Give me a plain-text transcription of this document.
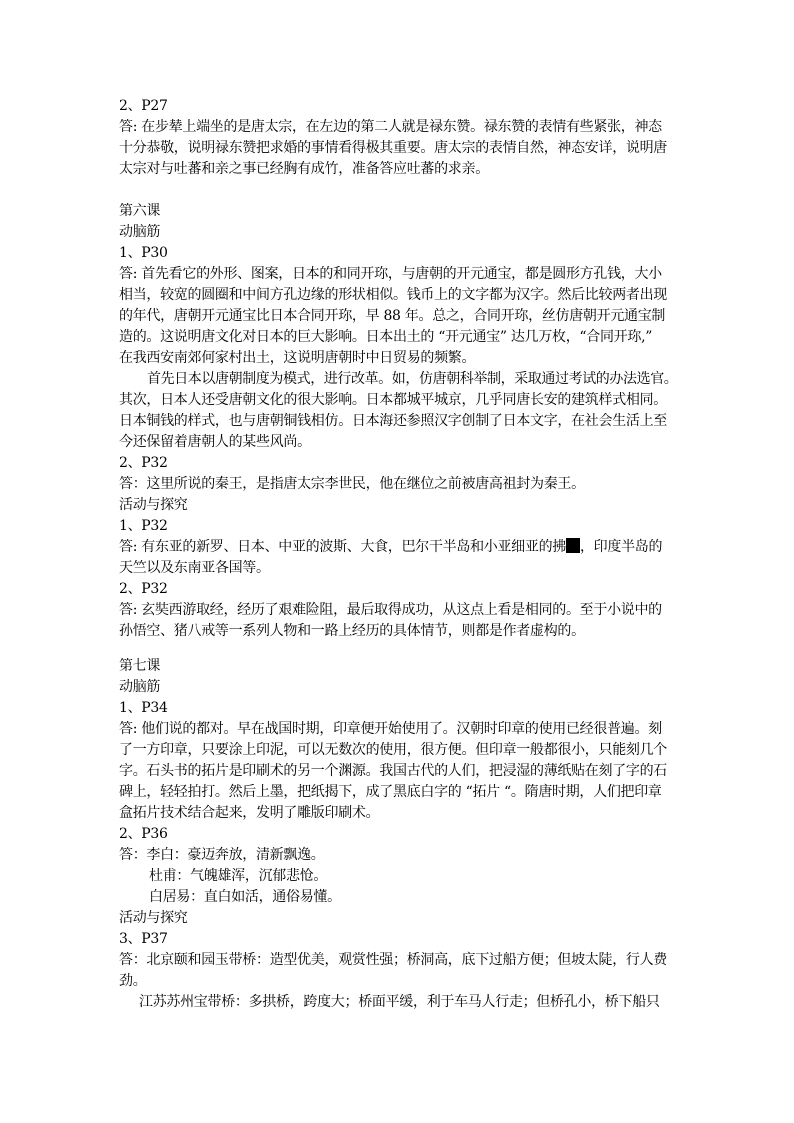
2、P27
答: 在步辇上端坐的是唐太宗，在左边的第二人就是禄东赞。禄东赞的表情有些紧张，神态
十分恭敬，说明禄东赞把求婚的事情看得极其重要。唐太宗的表情自然，神态安详，说明唐
太宗对与吐蕃和亲之事已经胸有成竹，准备答应吐蕃的求亲。
第六课
动脑筋
1、P30
答: 首先看它的外形、图案，日本的和同开珎，与唐朝的开元通宝，都是圆形方孔钱，大小
相当，较宽的圆圈和中间方孔边缘的形状相似。钱币上的文字都为汉字。然后比较两者出现
的年代，唐朝开元通宝比日本合同开珎，早 88 年。总之，合同开珎，丝仿唐朝开元通宝制
造的。这说明唐文化对日本的巨大影响。日本出土的 “开元通宝” 达几万枚，“合同开珎,”
在我西安南郊何家村出土，这说明唐朝时中日贸易的频繁。
首先日本以唐朝制度为模式，进行改革。如，仿唐朝科举制，采取通过考试的办法选官。
其次，日本人还受唐朝文化的很大影响。日本都城平城京，几乎同唐长安的建筑样式相同。
日本铜钱的样式，也与唐朝铜钱相仿。日本海还参照汉字创制了日本文字，在社会生活上至
今还保留着唐朝人的某些风尚。
2、P32
答：这里所说的秦王，是指唐太宗李世民，他在继位之前被唐高祖封为秦王。
活动与探究
1、P32
答: 有东亚的新罗、日本、中亚的波斯、大食，巴尔干半岛和小亚细亚的拂 ，印度半岛的
天竺以及东南亚各国等。
2、P32
答: 玄奘西游取经，经历了艰难险阻，最后取得成功，从这点上看是相同的。至于小说中的
孙悟空、猪八戒等一系列人物和一路上经历的具体情节，则都是作者虚构的。
第七课
动脑筋
1、P34
答: 他们说的都对。早在战国时期，印章便开始使用了。汉朝时印章的使用已经很普遍。刻
了一方印章，只要涂上印泥，可以无数次的使用，很方便。但印章一般都很小，只能刻几个
字。石头书的拓片是印刷术的另一个渊源。我国古代的人们，把浸湿的薄纸贴在刻了字的石
碑上，轻轻拍打。然后上墨，把纸揭下，成了黑底白字的 “拓片 “。隋唐时期，人们把印章
盒拓片技术结合起来，发明了雕版印刷术。
2、P36
答：李白：豪迈奔放，清新飘逸。
杜甫：气魄雄浑，沉郁悲怆。
白居易：直白如活，通俗易懂。
活动与探究
3、P37
答：北京颐和园玉带桥：造型优美，观赏性强；桥洞高，底下过船方便；但坡太陡，行人费
劲。
江苏苏州宝带桥：多拱桥，跨度大；桥面平缓，利于车马人行走；但桥孔小，桥下船只
